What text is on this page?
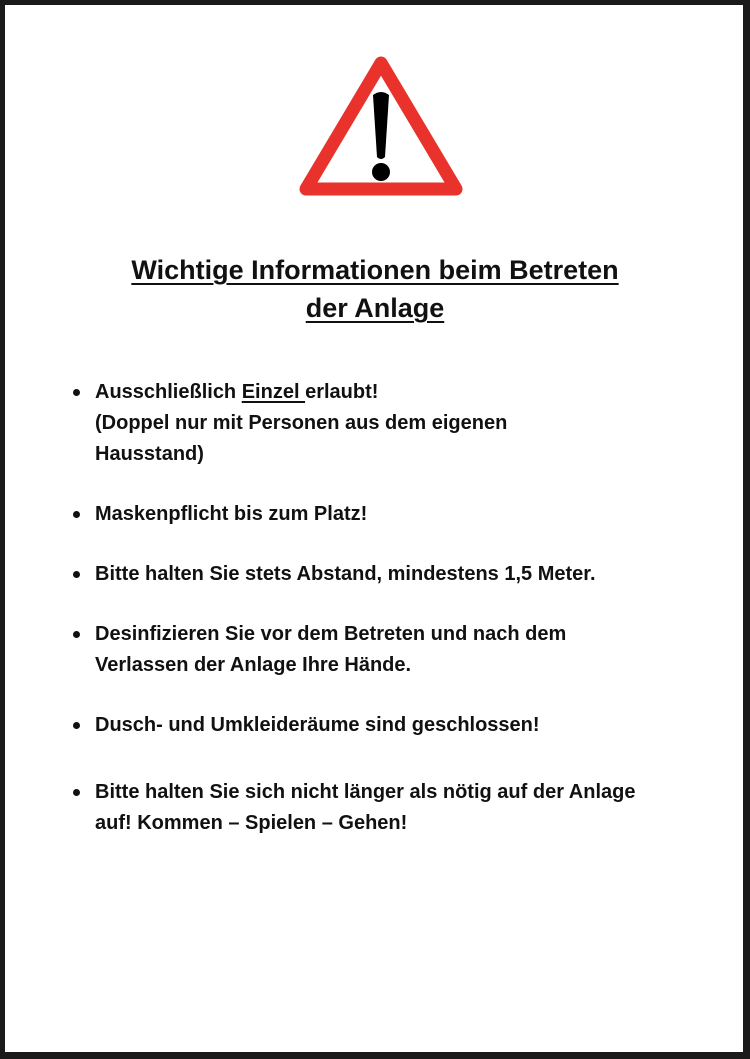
Wichtige Informationen beim Betreten
der Anlage
Ausschließlich Einzel erlaubt!
(Doppel nur mit Personen aus dem eigenen
Hausstand)
Maskenpflicht bis zum Platz!
Bitte halten Sie stets Abstand, mindestens 1,5 Meter.
Desinfizieren Sie vor dem Betreten und nach dem
Verlassen der Anlage Ihre Hände.
Dusch- und Umkleideräume sind geschlossen!
Bitte halten Sie sich nicht länger als nötig auf der Anlage
auf! Kommen – Spielen – Gehen!
